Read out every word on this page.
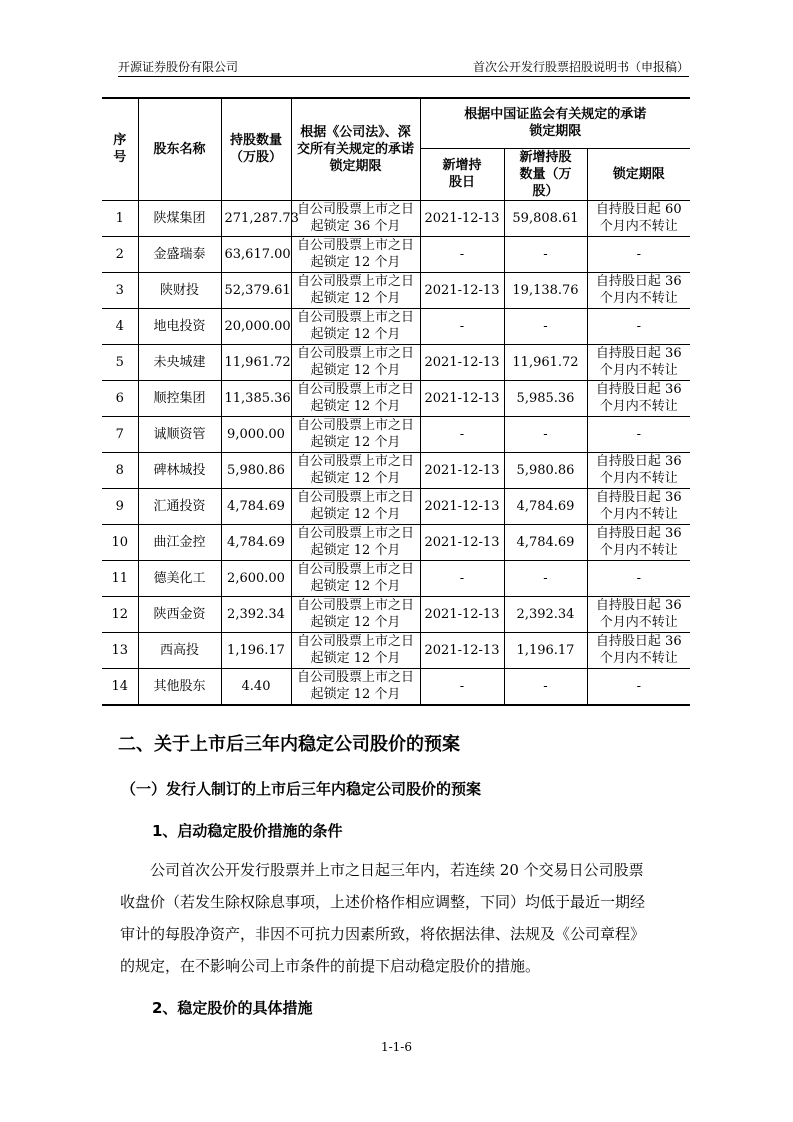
开源证券股份有限公司	首次公开发行股票招股说明书（申报稿）
序号	股东名称	持股数量（万股）	根据《公司法》、深交所有关规定的承诺锁定期限	根据中国证监会有关规定的承诺锁定期限		
				新增持股日	新增持股数量（万股）	锁定期限
1	陕煤集团	271,287.73	自公司股票上市之日起锁定 36 个月	2021-12-13	59,808.61	自持股日起 60 个月内不转让
2	金盛瑞泰	63,617.00	自公司股票上市之日起锁定 12 个月	-	-	-
3	陕财投	52,379.61	自公司股票上市之日起锁定 12 个月	2021-12-13	19,138.76	自持股日起 36 个月内不转让
4	地电投资	20,000.00	自公司股票上市之日起锁定 12 个月	-	-	-
5	未央城建	11,961.72	自公司股票上市之日起锁定 12 个月	2021-12-13	11,961.72	自持股日起 36 个月内不转让
6	顺控集团	11,385.36	自公司股票上市之日起锁定 12 个月	2021-12-13	5,985.36	自持股日起 36 个月内不转让
7	诚顺资管	9,000.00	自公司股票上市之日起锁定 12 个月	-	-	-
8	碑林城投	5,980.86	自公司股票上市之日起锁定 12 个月	2021-12-13	5,980.86	自持股日起 36 个月内不转让
9	汇通投资	4,784.69	自公司股票上市之日起锁定 12 个月	2021-12-13	4,784.69	自持股日起 36 个月内不转让
10	曲江金控	4,784.69	自公司股票上市之日起锁定 12 个月	2021-12-13	4,784.69	自持股日起 36 个月内不转让
11	德美化工	2,600.00	自公司股票上市之日起锁定 12 个月	-	-	-
12	陕西金资	2,392.34	自公司股票上市之日起锁定 12 个月	2021-12-13	2,392.34	自持股日起 36 个月内不转让
13	西高投	1,196.17	自公司股票上市之日起锁定 12 个月	2021-12-13	1,196.17	自持股日起 36 个月内不转让
14	其他股东	4.40	自公司股票上市之日起锁定 12 个月	-	-	-
二、关于上市后三年内稳定公司股价的预案
（一）发行人制订的上市后三年内稳定公司股价的预案
1、启动稳定股价措施的条件
公司首次公开发行股票并上市之日起三年内，若连续 20 个交易日公司股票
收盘价（若发生除权除息事项，上述价格作相应调整，下同）均低于最近一期经
审计的每股净资产，非因不可抗力因素所致，将依据法律、法规及《公司章程》
的规定，在不影响公司上市条件的前提下启动稳定股价的措施。
2、稳定股价的具体措施
1-1-6
